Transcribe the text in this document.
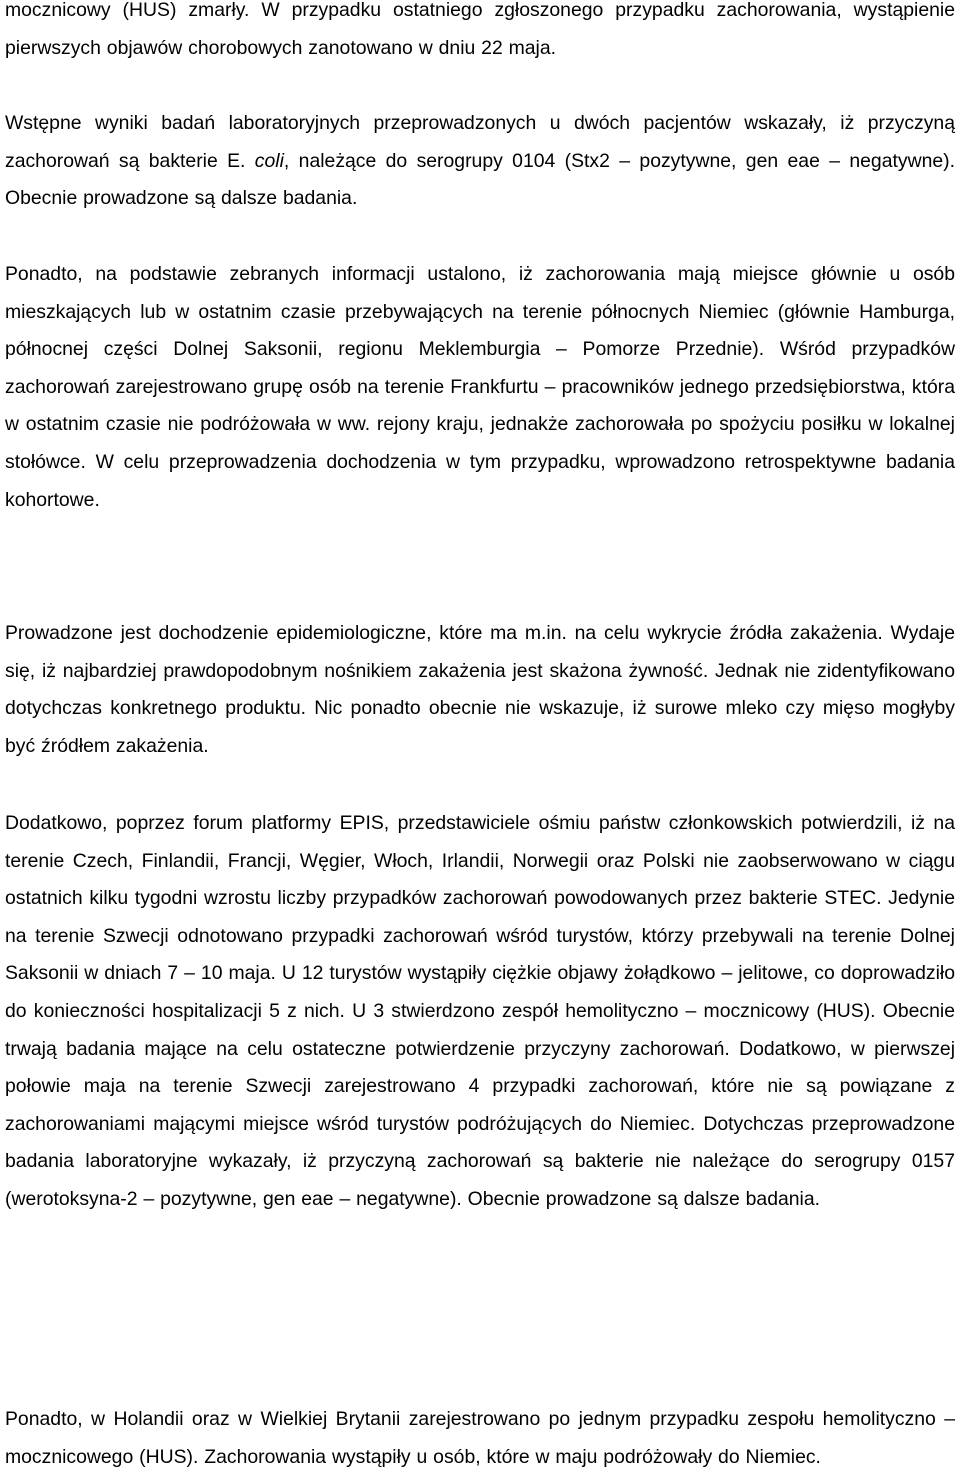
mocznicowy (HUS) zmarły. W przypadku ostatniego zgłoszonego przypadku zachorowania, wystąpienie pierwszych objawów chorobowych zanotowano w dniu 22 maja.

Wstępne wyniki badań laboratoryjnych przeprowadzonych u dwóch pacjentów wskazały, iż przyczyną zachorowań są bakterie E. coli, należące do serogrupy 0104 (Stx2 – pozytywne, gen eae – negatywne). Obecnie prowadzone są dalsze badania.

Ponadto, na podstawie zebranych informacji ustalono, iż zachorowania mają miejsce głównie u osób mieszkających lub w ostatnim czasie przebywających na terenie północnych Niemiec (głównie Hamburga, północnej części Dolnej Saksonii, regionu Meklemburgia – Pomorze Przednie). Wśród przypadków zachorowań zarejestrowano grupę osób na terenie Frankfurtu – pracowników jednego przedsiębiorstwa, która w ostatnim czasie nie podróżowała w ww. rejony kraju, jednakże zachorowała po spożyciu posiłku w lokalnej stołówce. W celu przeprowadzenia dochodzenia w tym przypadku, wprowadzono retrospektywne badania kohortowe.

Prowadzone jest dochodzenie epidemiologiczne, które ma m.in. na celu wykrycie źródła zakażenia. Wydaje się, iż najbardziej prawdopodobnym nośnikiem zakażenia jest skażona żywność. Jednak nie zidentyfikowano dotychczas konkretnego produktu. Nic ponadto obecnie nie wskazuje, iż surowe mleko czy mięso mogłyby być źródłem zakażenia.

Dodatkowo, poprzez forum platformy EPIS, przedstawiciele ośmiu państw członkowskich potwierdzili, iż na terenie Czech, Finlandii, Francji, Węgier, Włoch, Irlandii, Norwegii oraz Polski nie zaobserwowano w ciągu ostatnich kilku tygodni wzrostu liczby przypadków zachorowań powodowanych przez bakterie STEC. Jedynie na terenie Szwecji odnotowano przypadki zachorowań wśród turystów, którzy przebywali na terenie Dolnej Saksonii w dniach 7 – 10 maja. U 12 turystów wystąpiły ciężkie objawy żołądkowo – jelitowe, co doprowadziło do konieczności hospitalizacji 5 z nich. U 3 stwierdzono zespół hemolityczno – mocznicowy (HUS). Obecnie trwają badania mające na celu ostateczne potwierdzenie przyczyny zachorowań. Dodatkowo, w pierwszej połowie maja na terenie Szwecji zarejestrowano 4 przypadki zachorowań, które nie są powiązane z zachorowaniami mającymi miejsce wśród turystów podróżujących do Niemiec. Dotychczas przeprowadzone badania laboratoryjne wykazały, iż przyczyną zachorowań są bakterie nie należące do serogrupy 0157 (werotoksyna-2 – pozytywne, gen eae – negatywne). Obecnie prowadzone są dalsze badania.

Ponadto, w Holandii oraz w Wielkiej Brytanii zarejestrowano po jednym przypadku zespołu hemolityczno – mocznicowego (HUS). Zachorowania wystąpiły u osób, które w maju podróżowały do Niemiec.
